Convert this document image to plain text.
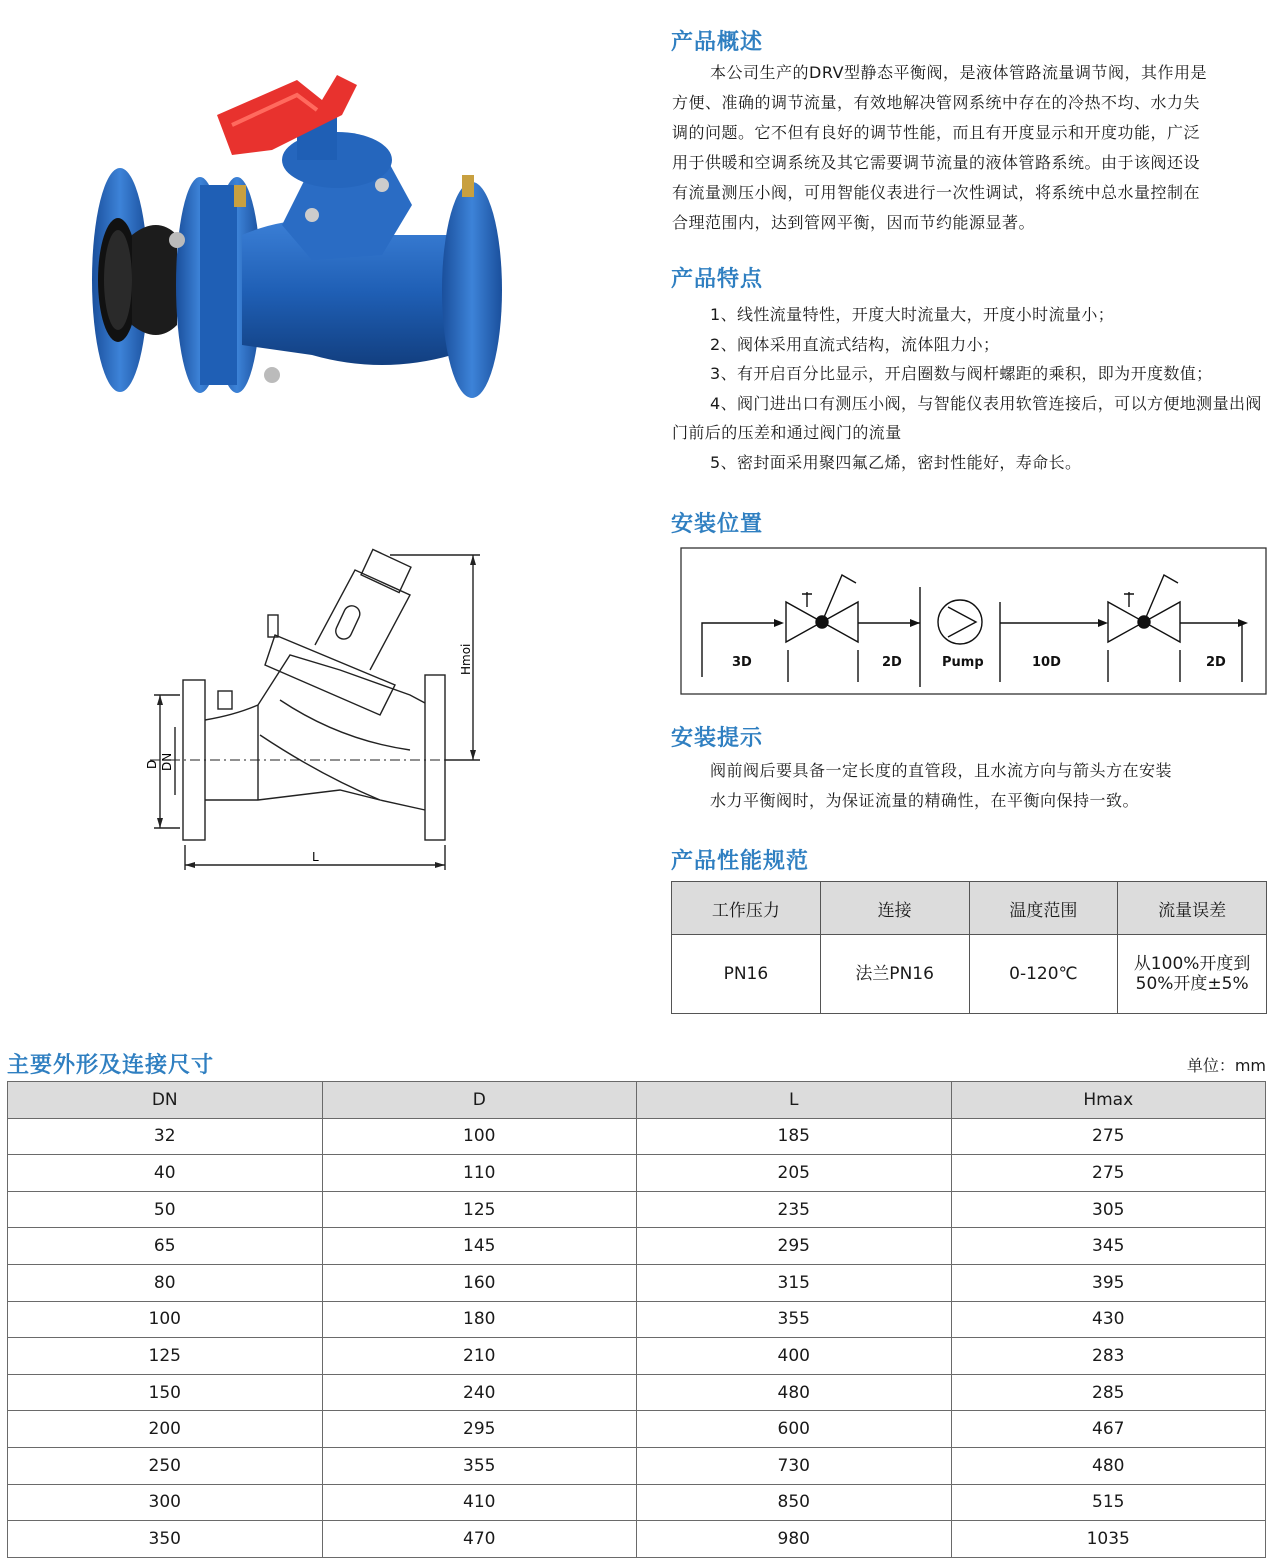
D DN
L
Hmoi
产品概述

本公司生产的DRV型静态平衡阀，是液体管路流量调节阀，其作用是

方便、准确的调节流量，有效地解决管网系统中存在的冷热不均、水力失

调的问题。它不但有良好的调节性能，而且有开度显示和开度功能，广泛

用于供暖和空调系统及其它需要调节流量的液体管路系统。由于该阀还设

有流量测压小阀，可用智能仪表进行一次性调试，将系统中总水量控制在

合理范围内，达到管网平衡，因而节约能源显著。

产品特点
1、线性流量特性，开度大时流量大，开度小时流量小；
2、阀体采用直流式结构，流体阻力小；
3、有开启百分比显示，开启圈数与阀杆螺距的乘积，即为开度数值；
4、阀门进出口有测压小阀，与智能仪表用软管连接后，可以方便地测量出阀门前后的压差和通过阀门的流量
5、密封面采用聚四氟乙烯，密封性能好，寿命长。
安装位置
3D	2D	Pump	10D	2D
安装提示

阀前阀后要具备一定长度的直管段，且水流方向与箭头方在安装

水力平衡阀时，为保证流量的精确性，在平衡向保持一致。

产品性能规范
工作压力	连接	温度范围	流量误差
PN16	法兰PN16	0-120℃	从100%开度到
50%开度±5%
主要外形及连接尺寸	单位：mm
DN	D	L	Hmax
32	100	185	275
40	110	205	275
50	125	235	305
65	145	295	345
80	160	315	395
100	180	355	430
125	210	400	283
150	240	480	285
200	295	600	467
250	355	730	480
300	410	850	515
350	470	980	1035
